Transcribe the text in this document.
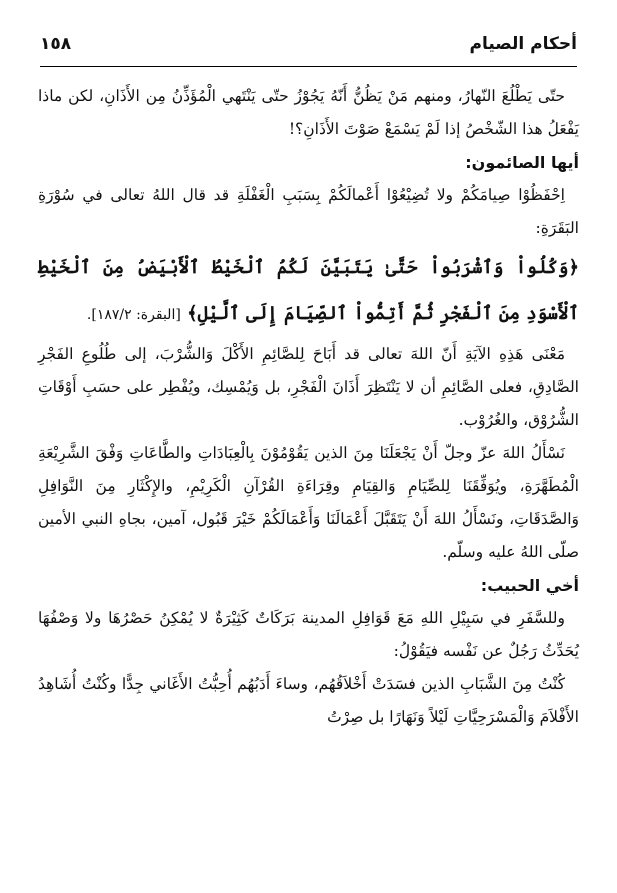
أحكام الصيام
١٥٨

حتّى يَطْلُعَ النّهارُ، ومنهم مَنْ يَظُنُّ أَنّهُ يَجُوْزُ حتّى يَنْتَهي الْمُؤَذِّنُ مِن الأَذَانِ، لكن ماذا يَفْعَلُ هذا الشّخْصُ إذا لَمْ يَسْمَعْ صَوْتَ الأَذَانِ؟!

أيها الصائمون:

اِحْفَظُوْا صِيامَكُمْ ولا تُضِيْعُوْا أَعْمالَكُمْ بِسَبَبِ الْغَفْلَةِ قد قال اللهُ تعالى في سُوْرَةِ البَقَرَةِ:

﴿وَكُلُواْ وَٱشْرَبُواْ حَتَّىٰ يَتَبَيَّنَ لَكُمُ ٱلْخَيْطُ ٱلْأَبْيَضُ مِنَ ٱلْخَيْطِ ٱلْأَسْوَدِ مِنَ ٱلْفَجْرِ ثُمَّ أَتِمُّواْ ٱلصِّيَامَ إِلَى ٱلَّيْلِ﴾ [البقرة: ١٨٧/٢].

مَعْنَى هَذِهِ الآيَةِ أَنّ اللهَ تعالى قد أَبَاحَ لِلصَّائِمِ الأَكْلَ وَالشُّرْبَ، إلى طُلُوعِ الفَجْرِ الصَّادِقِ، فعلى الصَّائِمِ أن لا يَنْتَظِرَ أَذَانَ الْفَجْرِ، بل وَيُمْسِك، ويُفْطِر على حسَبِ أَوْقَاتِ الشُّرُوْق، والغُرُوْب.

نَسْأَلُ اللهَ عزّ وجلّ أَنْ يَجْعَلَنَا مِنَ الذين يَقُوْمُوْنَ بِالْعِبَادَاتِ والطَّاعَاتِ وَفْقَ الشَّرِيْعَةِ الْمُطَهَّرَةِ، ويُوَفِّقَنَا لِلصِّيَامِ وَالقِيَامِ وقِرَاءَةِ القُرْآنِ الْكَرِيْمِ، والإِكْثَارِ مِنَ النَّوَافِلِ وَالصَّدَقَاتِ، ونَسْأَلُ اللهَ أَنْ يَتَقَبَّلَ أَعْمَالَنَا وَأَعْمَالَكُمْ خَيْرَ قَبُول، آمين، بجاهِ النبي الأمين صلّى اللهُ عليه وسلّم.

أخي الحبيب:

وللسَّفَرِ في سَبِيْلِ اللهِ مَعَ قَوَافِلِ المدينة بَرَكَاتٌ كَثِيْرَةٌ لا يُمْكِنُ حَصْرُهَا ولا وَصْفُهَا يُحَدِّثُ رَجُلٌ عن نَفْسه فيَقُوْلُ:

كُنْتُ مِنَ الشَّبَابِ الذين فسَدَتْ أَخْلاَقُهُم، وساءَ أَدَبُهُم أُحِبُّتُ الأَغَاني جِدًّا وكُنْتُ أُشَاهِدُ الأَفْلاَمَ وَالْمَسْرَحِيَّاتِ لَيْلاً وَنَهَارًا بل صِرْتُ
